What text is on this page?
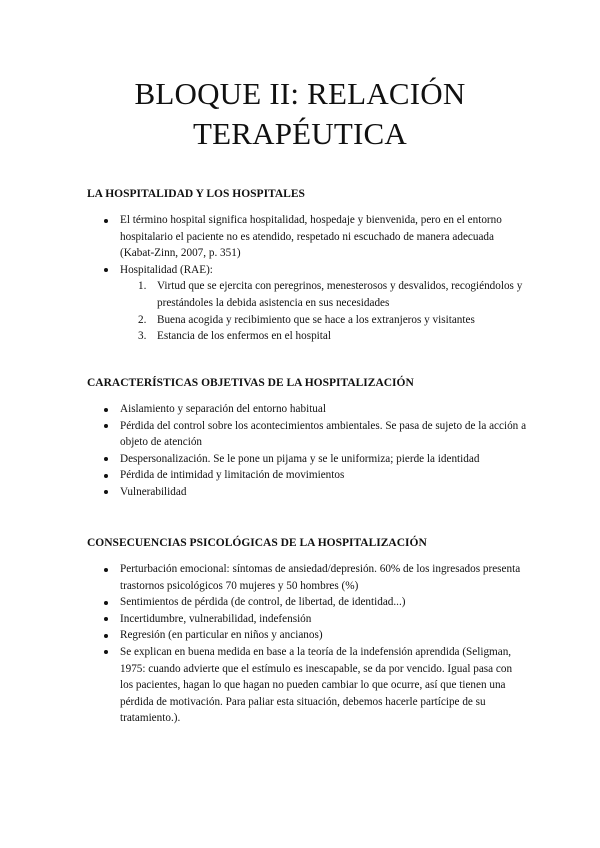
BLOQUE II: RELACIÓN
TERAPÉUTICA
LA HOSPITALIDAD Y LOS HOSPITALES
El término hospital significa hospitalidad, hospedaje y bienvenida, pero en el entorno hospitalario el paciente no es atendido, respetado ni escuchado de manera adecuada (Kabat-Zinn, 2007, p. 351)
Hospitalidad (RAE):
1. Virtud que se ejercita con peregrinos, menesterosos y desvalidos, recogiéndolos y prestándoles la debida asistencia en sus necesidades
2. Buena acogida y recibimiento que se hace a los extranjeros y visitantes
3. Estancia de los enfermos en el hospital
CARACTERÍSTICAS OBJETIVAS DE LA HOSPITALIZACIÓN
Aislamiento y separación del entorno habitual
Pérdida del control sobre los acontecimientos ambientales. Se pasa de sujeto de la acción a objeto de atención
Despersonalización. Se le pone un pijama y se le uniformiza; pierde la identidad
Pérdida de intimidad y limitación de movimientos
Vulnerabilidad
CONSECUENCIAS PSICOLÓGICAS DE LA HOSPITALIZACIÓN
Perturbación emocional: síntomas de ansiedad/depresión. 60% de los ingresados presenta trastornos psicológicos 70 mujeres y 50 hombres (%)
Sentimientos de pérdida (de control, de libertad, de identidad...)
Incertidumbre, vulnerabilidad, indefensión
Regresión (en particular en niños y ancianos)
Se explican en buena medida en base a la teoría de la indefensión aprendida (Seligman, 1975: cuando advierte que el estímulo es inescapable, se da por vencido. Igual pasa con los pacientes, hagan lo que hagan no pueden cambiar lo que ocurre, así que tienen una pérdida de motivación. Para paliar esta situación, debemos hacerle partícipe de su tratamiento.).
